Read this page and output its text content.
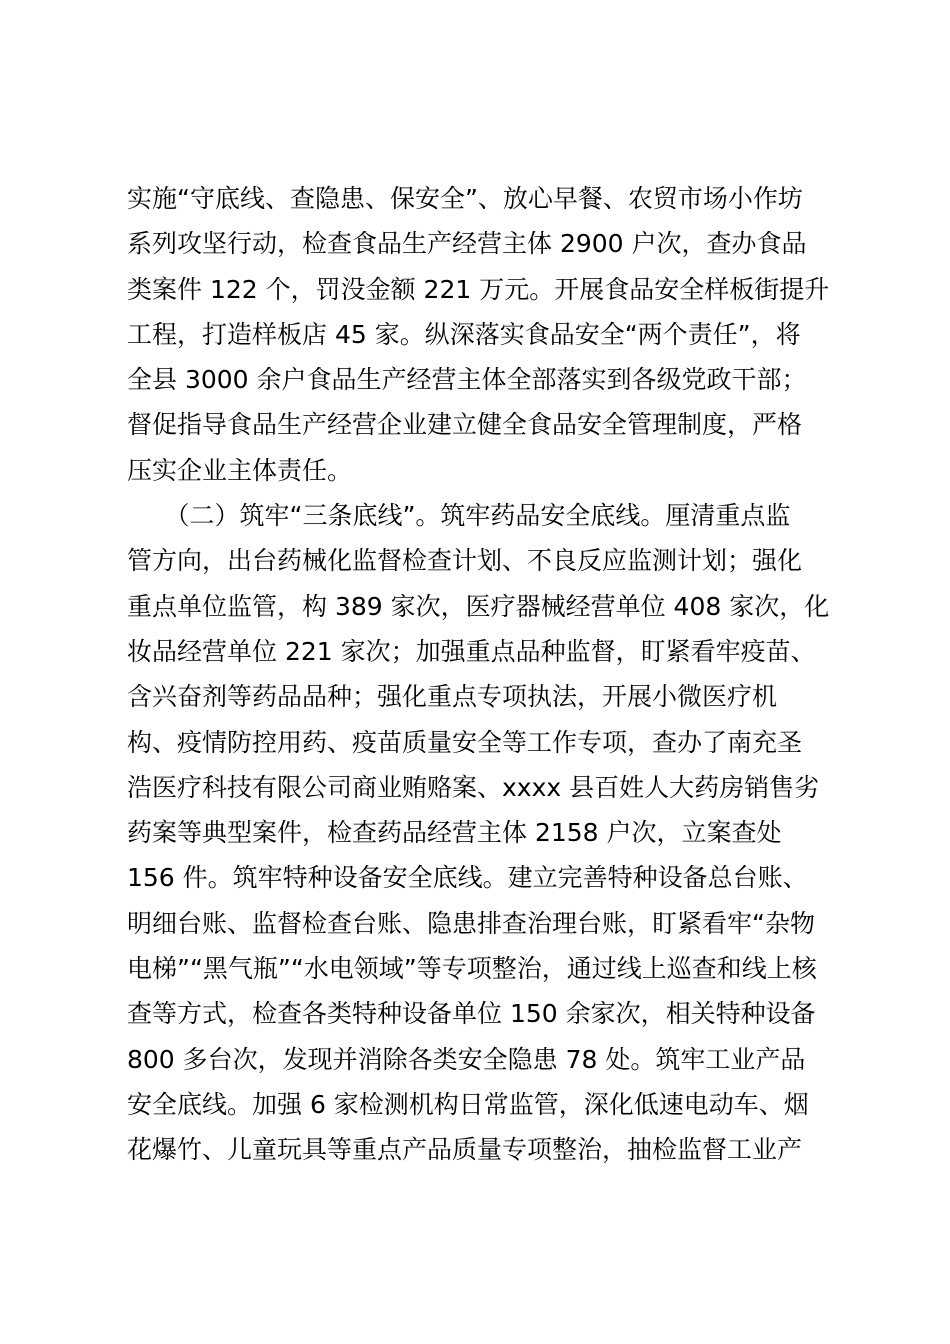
实施“守底线、查隐患、保安全”、放心早餐、农贸市场小作坊
系列攻坚行动，检查食品生产经营主体 2900 户次，查办食品
类案件 122 个，罚没金额 221 万元。开展食品安全样板街提升
工程，打造样板店 45 家。纵深落实食品安全“两个责任”，将
全县 3000 余户食品生产经营主体全部落实到各级党政干部；
督促指导食品生产经营企业建立健全食品安全管理制度，严格
压实企业主体责任。
　　（二）筑牢“三条底线”。筑牢药品安全底线。厘清重点监
管方向，出台药械化监督检查计划、不良反应监测计划；强化
重点单位监管，构 389 家次，医疗器械经营单位 408 家次，化
妆品经营单位 221 家次；加强重点品种监督，盯紧看牢疫苗、
含兴奋剂等药品品种；强化重点专项执法，开展小微医疗机
构、疫情防控用药、疫苗质量安全等工作专项，查办了南充圣
浩医疗科技有限公司商业贿赂案、xxxx 县百姓人大药房销售劣
药案等典型案件，检查药品经营主体 2158 户次，立案查处
156 件。筑牢特种设备安全底线。建立完善特种设备总台账、
明细台账、监督检查台账、隐患排查治理台账，盯紧看牢“杂物
电梯”“黑气瓶”“水电领域”等专项整治，通过线上巡查和线上核
查等方式，检查各类特种设备单位 150 余家次，相关特种设备
800 多台次，发现并消除各类安全隐患 78 处。筑牢工业产品
安全底线。加强 6 家检测机构日常监管，深化低速电动车、烟
花爆竹、儿童玩具等重点产品质量专项整治，抽检监督工业产
